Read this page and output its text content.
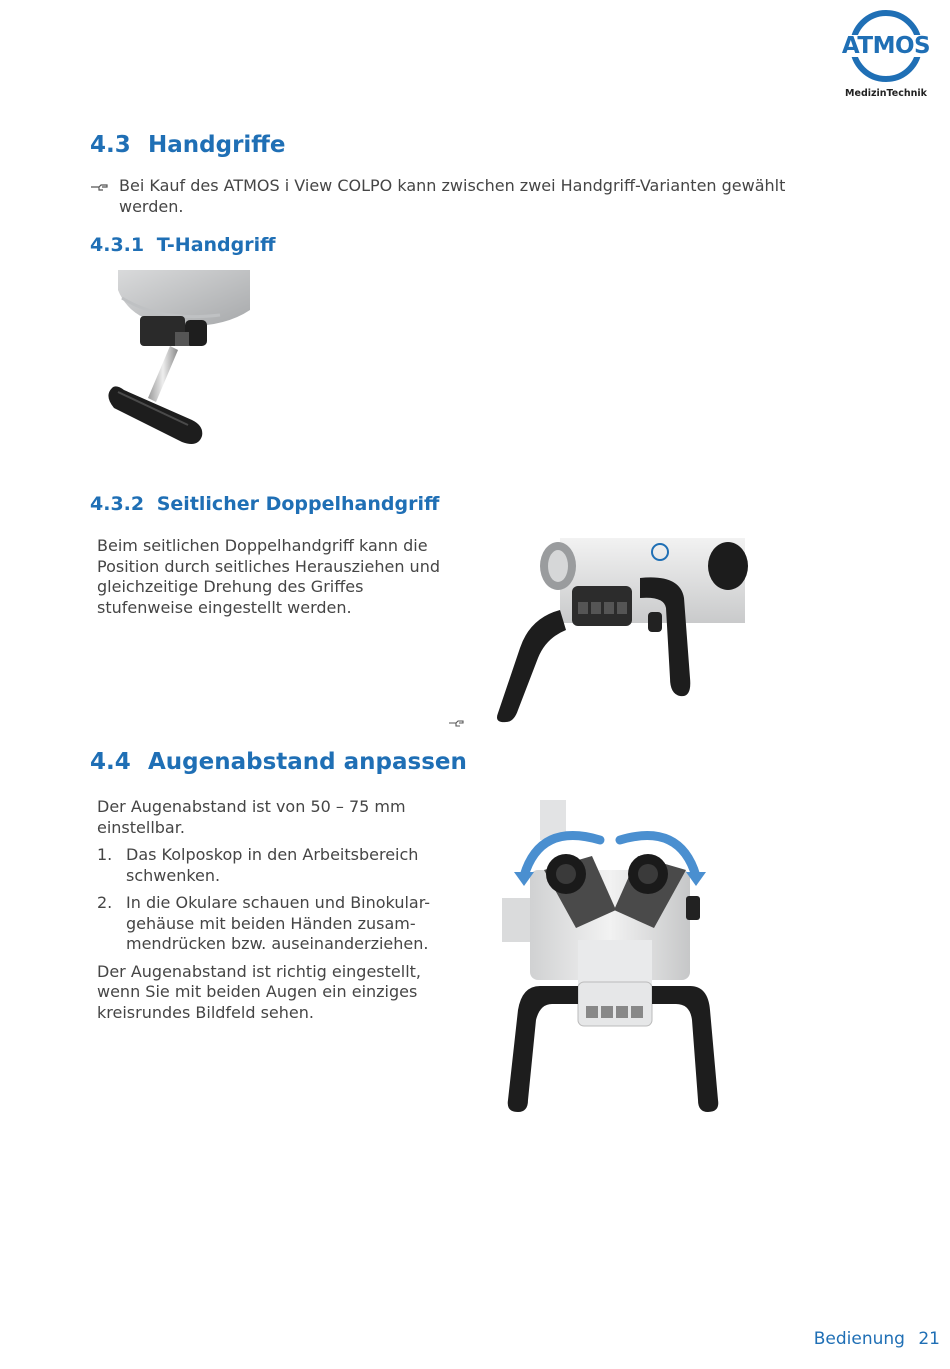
ATMOS
MedizinTechnik
4.3 Handgriffe
Bei Kauf des ATMOS i View COLPO kann zwischen zwei Handgriff-Varianten gewählt werden.
4.3.1 T-Handgriff
4.3.2 Seitlicher Doppelhandgriff
Beim seitlichen Doppelhandgriff kann die Position durch seitliches Herausziehen und gleichzeitige Drehung des Griffes stufenweise eingestellt werden.
4.4 Augenabstand anpassen

Der Augenabstand ist von 50 – 75 mm einstellbar.

1. Das Kolposkop in den Arbeitsbereich schwenken.
2. In die Okulare schauen und Binokular-gehäuse mit beiden Händen zusam-mendrücken bzw. auseinanderziehen.

Der Augenabstand ist richtig eingestellt, wenn Sie mit beiden Augen ein einziges kreisrundes Bildfeld sehen.

Bedienung 21
